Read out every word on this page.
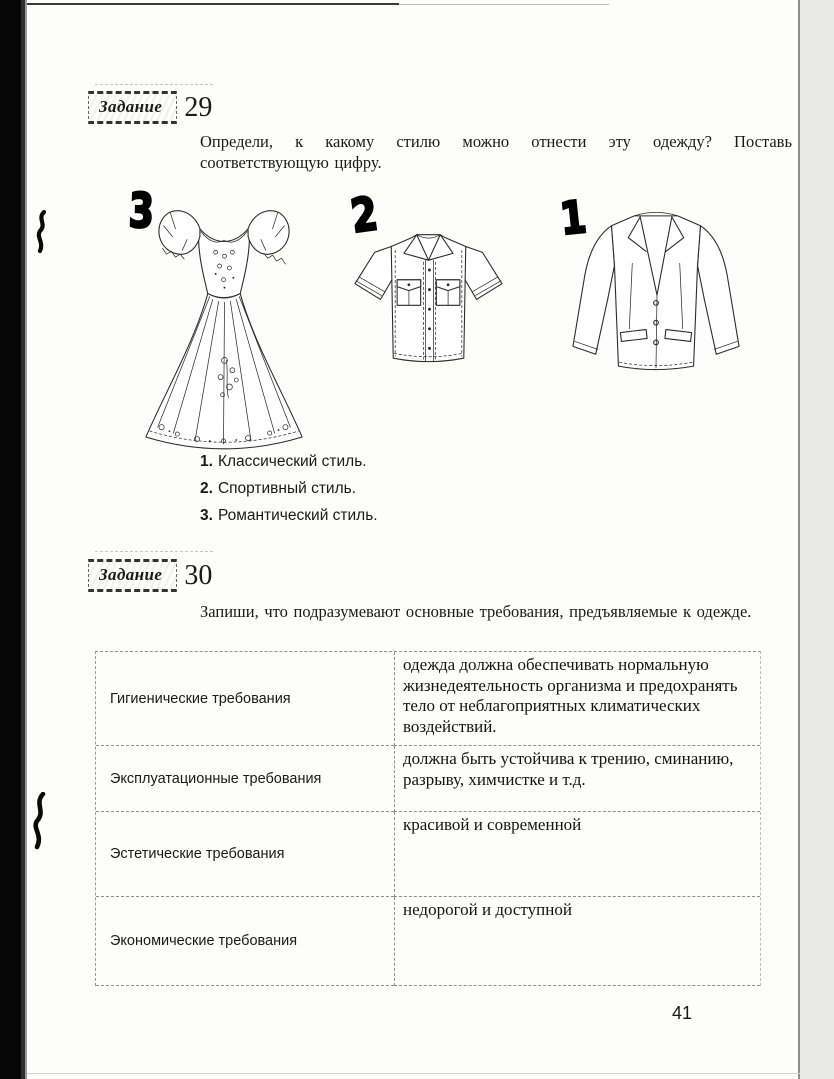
Задание 29

Определи, к какому стилю можно отнести эту одежду? Поставь соответствующую цифру.

3	2	1
1. Классический стиль.
2. Спортивный стиль.
3. Романтический стиль.
Задание 30

Запиши, что подразумевают основные требования, предъявляемые к одежде.

Гигиенические требования
одежда должна обеспечивать нормальную жизнедеятельность организма и предохранять тело от неблагоприятных климатических воздействий.
Эксплуатационные требования
должна быть устойчива к трению, сминанию, разрыву, химчистке и т.д.
Эстетические требования
красивой и современной
Экономические требования
недорогой и доступной
41
